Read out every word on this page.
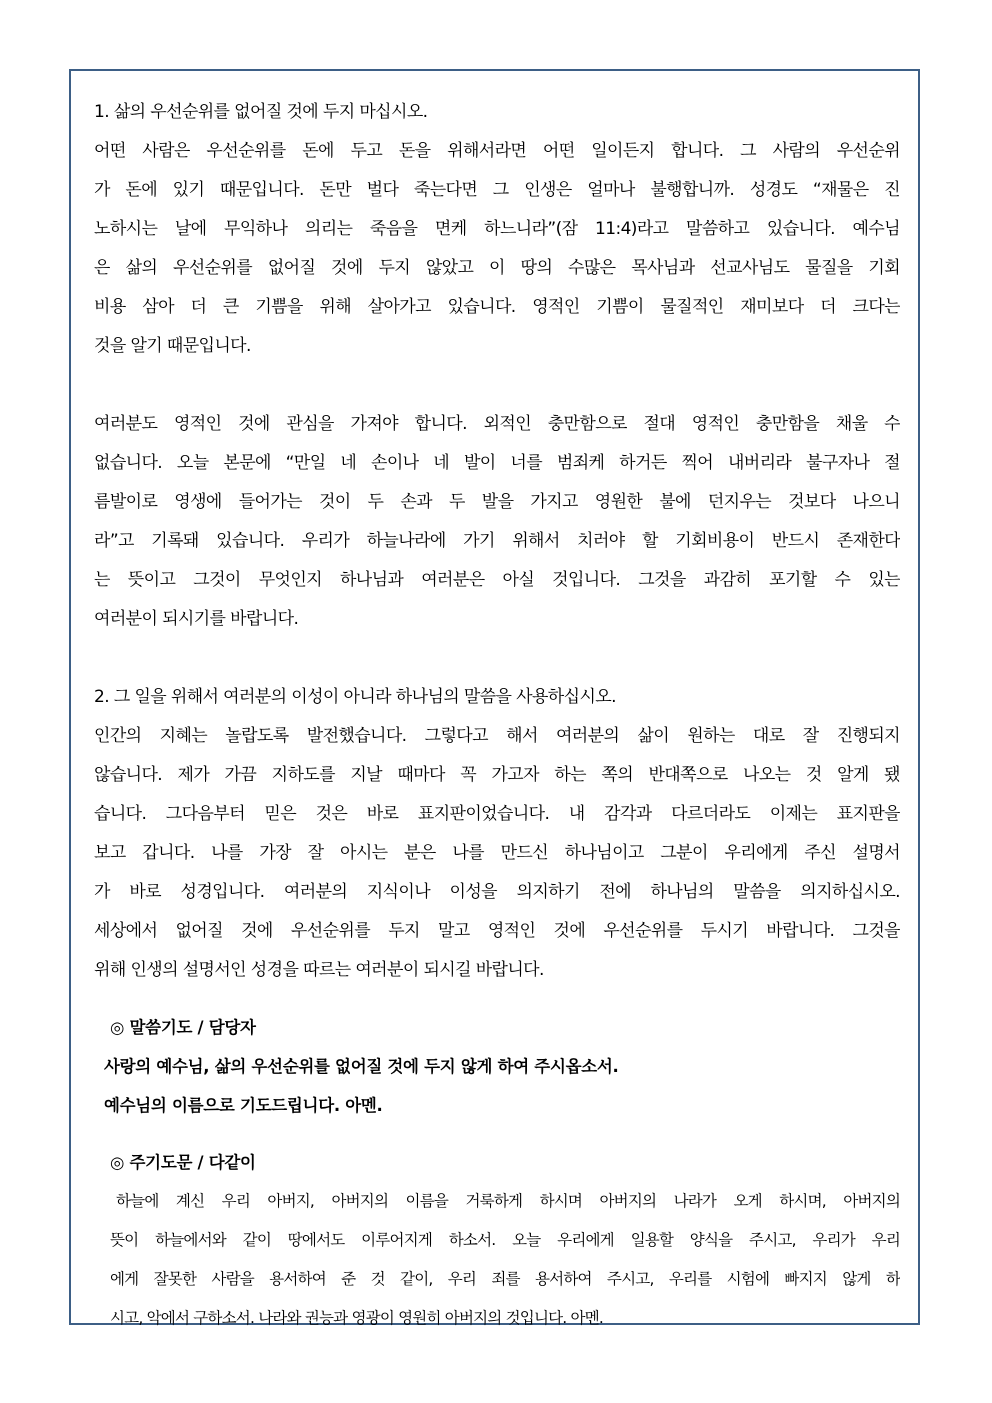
1. 삶의 우선순위를 없어질 것에 두지 마십시오.
어떤 사람은 우선순위를 돈에 두고 돈을 위해서라면 어떤 일이든지 합니다. 그 사람의 우선순위
가 돈에 있기 때문입니다. 돈만 벌다 죽는다면 그 인생은 얼마나 불행합니까. 성경도 “재물은 진
노하시는 날에 무익하나 의리는 죽음을 면케 하느니라”(잠 11:4)라고 말씀하고 있습니다. 예수님
은 삶의 우선순위를 없어질 것에 두지 않았고 이 땅의 수많은 목사님과 선교사님도 물질을 기회
비용 삼아 더 큰 기쁨을 위해 살아가고 있습니다. 영적인 기쁨이 물질적인 재미보다 더 크다는
것을 알기 때문입니다.
여러분도 영적인 것에 관심을 가져야 합니다. 외적인 충만함으로 절대 영적인 충만함을 채울 수
없습니다. 오늘 본문에 “만일 네 손이나 네 발이 너를 범죄케 하거든 찍어 내버리라 불구자나 절
름발이로 영생에 들어가는 것이 두 손과 두 발을 가지고 영원한 불에 던지우는 것보다 나으니
라”고 기록돼 있습니다. 우리가 하늘나라에 가기 위해서 치러야 할 기회비용이 반드시 존재한다
는 뜻이고 그것이 무엇인지 하나님과 여러분은 아실 것입니다. 그것을 과감히 포기할 수 있는
여러분이 되시기를 바랍니다.
2. 그 일을 위해서 여러분의 이성이 아니라 하나님의 말씀을 사용하십시오.
인간의 지혜는 놀랍도록 발전했습니다. 그렇다고 해서 여러분의 삶이 원하는 대로 잘 진행되지
않습니다. 제가 가끔 지하도를 지날 때마다 꼭 가고자 하는 쪽의 반대쪽으로 나오는 것 알게 됐
습니다. 그다음부터 믿은 것은 바로 표지판이었습니다. 내 감각과 다르더라도 이제는 표지판을
보고 갑니다. 나를 가장 잘 아시는 분은 나를 만드신 하나님이고 그분이 우리에게 주신 설명서
가 바로 성경입니다. 여러분의 지식이나 이성을 의지하기 전에 하나님의 말씀을 의지하십시오.
세상에서 없어질 것에 우선순위를 두지 말고 영적인 것에 우선순위를 두시기 바랍니다. 그것을
위해 인생의 설명서인 성경을 따르는 여러분이 되시길 바랍니다.
◎ 말씀기도 / 담당자
사랑의 예수님, 삶의 우선순위를 없어질 것에 두지 않게 하여 주시옵소서.
예수님의 이름으로 기도드립니다. 아멘.
◎ 주기도문 / 다같이
하늘에 계신 우리 아버지, 아버지의 이름을 거룩하게 하시며 아버지의 나라가 오게 하시며, 아버지의
뜻이 하늘에서와 같이 땅에서도 이루어지게 하소서. 오늘 우리에게 일용할 양식을 주시고, 우리가 우리
에게 잘못한 사람을 용서하여 준 것 같이, 우리 죄를 용서하여 주시고, 우리를 시험에 빠지지 않게 하
시고, 악에서 구하소서. 나라와 권능과 영광이 영원히 아버지의 것입니다. 아멘.
